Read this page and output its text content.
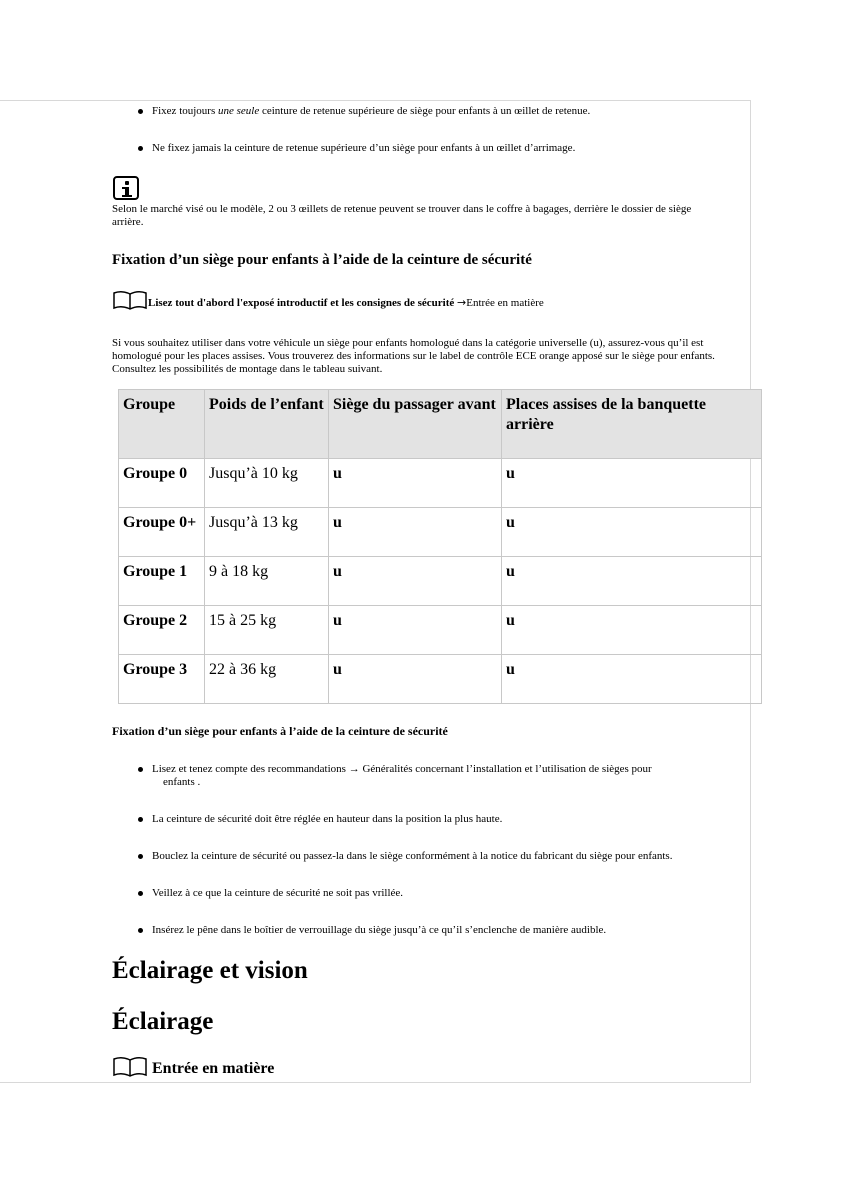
Fixez toujours une seule ceinture de retenue supérieure de siège pour enfants à un œillet de retenue.
Ne fixez jamais la ceinture de retenue supérieure d’un siège pour enfants à un œillet d’arrimage.
Selon le marché visé ou le modèle, 2 ou 3 œillets de retenue peuvent se trouver dans le coffre à bagages, derrière le dossier de siège arrière.
Fixation d’un siège pour enfants à l’aide de la ceinture de sécurité
Lisez tout d'abord l'exposé introductif et les consignes de sécurité →Entrée en matière
Si vous souhaitez utiliser dans votre véhicule un siège pour enfants homologué dans la catégorie universelle (u), assurez-vous qu’il est homologué pour les places assises. Vous trouverez des informations sur le label de contrôle ECE orange apposé sur le siège pour enfants. Consultez les possibilités de montage dans le tableau suivant.
Groupe	Poids de l’enfant	Siège du passager avant	Places assises de la banquette arrière
Groupe 0	Jusqu’à 10 kg	u	u
Groupe 0+	Jusqu’à 13 kg	u	u
Groupe 1	9 à 18 kg	u	u
Groupe 2	15 à 25 kg	u	u
Groupe 3	22 à 36 kg	u	u
Fixation d’un siège pour enfants à l’aide de la ceinture de sécurité
Lisez et tenez compte des recommandations → Généralités concernant l’installation et l’utilisation de sièges pour
enfants .
La ceinture de sécurité doit être réglée en hauteur dans la position la plus haute.
Bouclez la ceinture de sécurité ou passez-la dans le siège conformément à la notice du fabricant du siège pour enfants.
Veillez à ce que la ceinture de sécurité ne soit pas vrillée.
Insérez le pêne dans le boîtier de verrouillage du siège jusqu’à ce qu’il s’enclenche de manière audible.
Éclairage et vision
Éclairage
Entrée en matière
